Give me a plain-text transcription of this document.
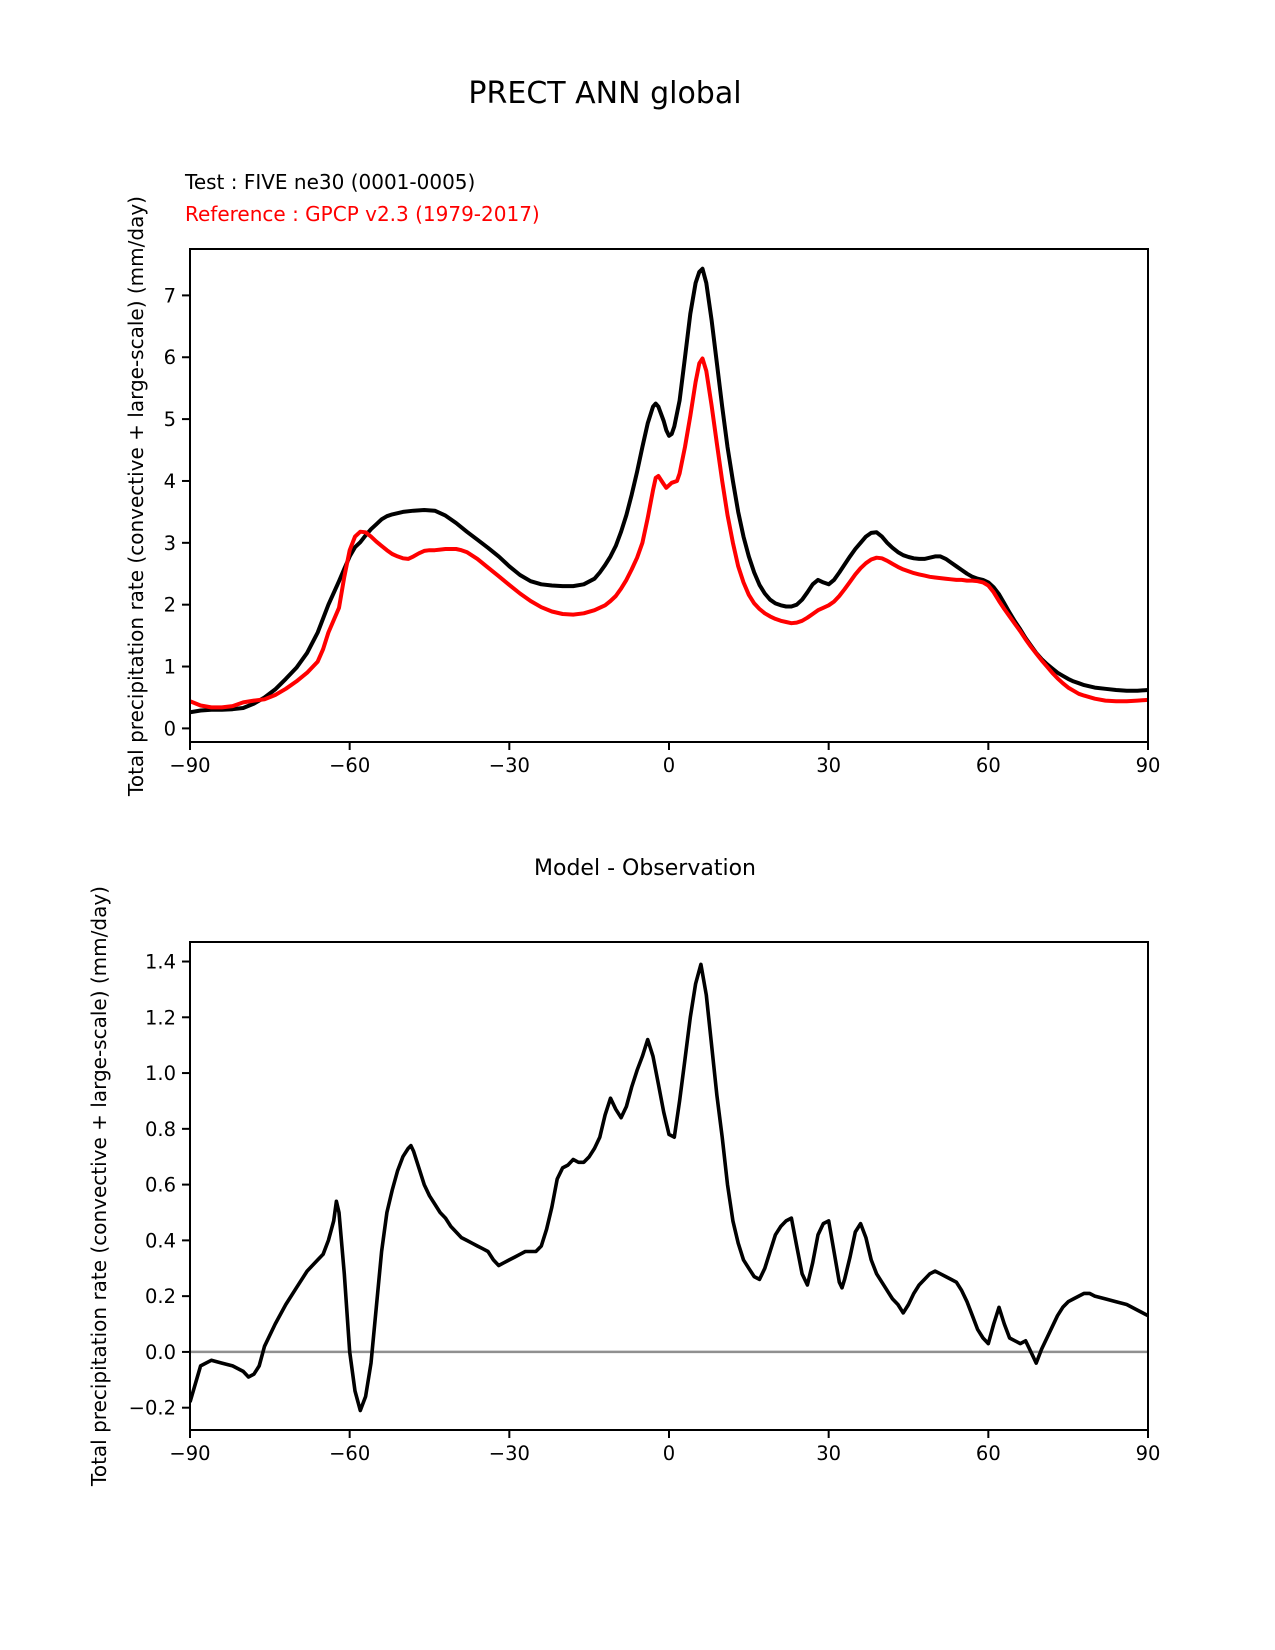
−90	−60	−30	0	30	60	90
0
1
2
3
4
5
6
7
−90	−60	−30	0	30	60	90
−0.2
0.0
0.2
0.4
0.6
0.8
1.0
1.2
1.4
PRECT ANN global
Test : FIVE ne30 (0001-0005)
Reference : GPCP v2.3 (1979-2017)
Total precipitation rate (convective + large-scale) (mm/day)
Model - Observation
Total precipitation rate (convective + large-scale) (mm/day)
